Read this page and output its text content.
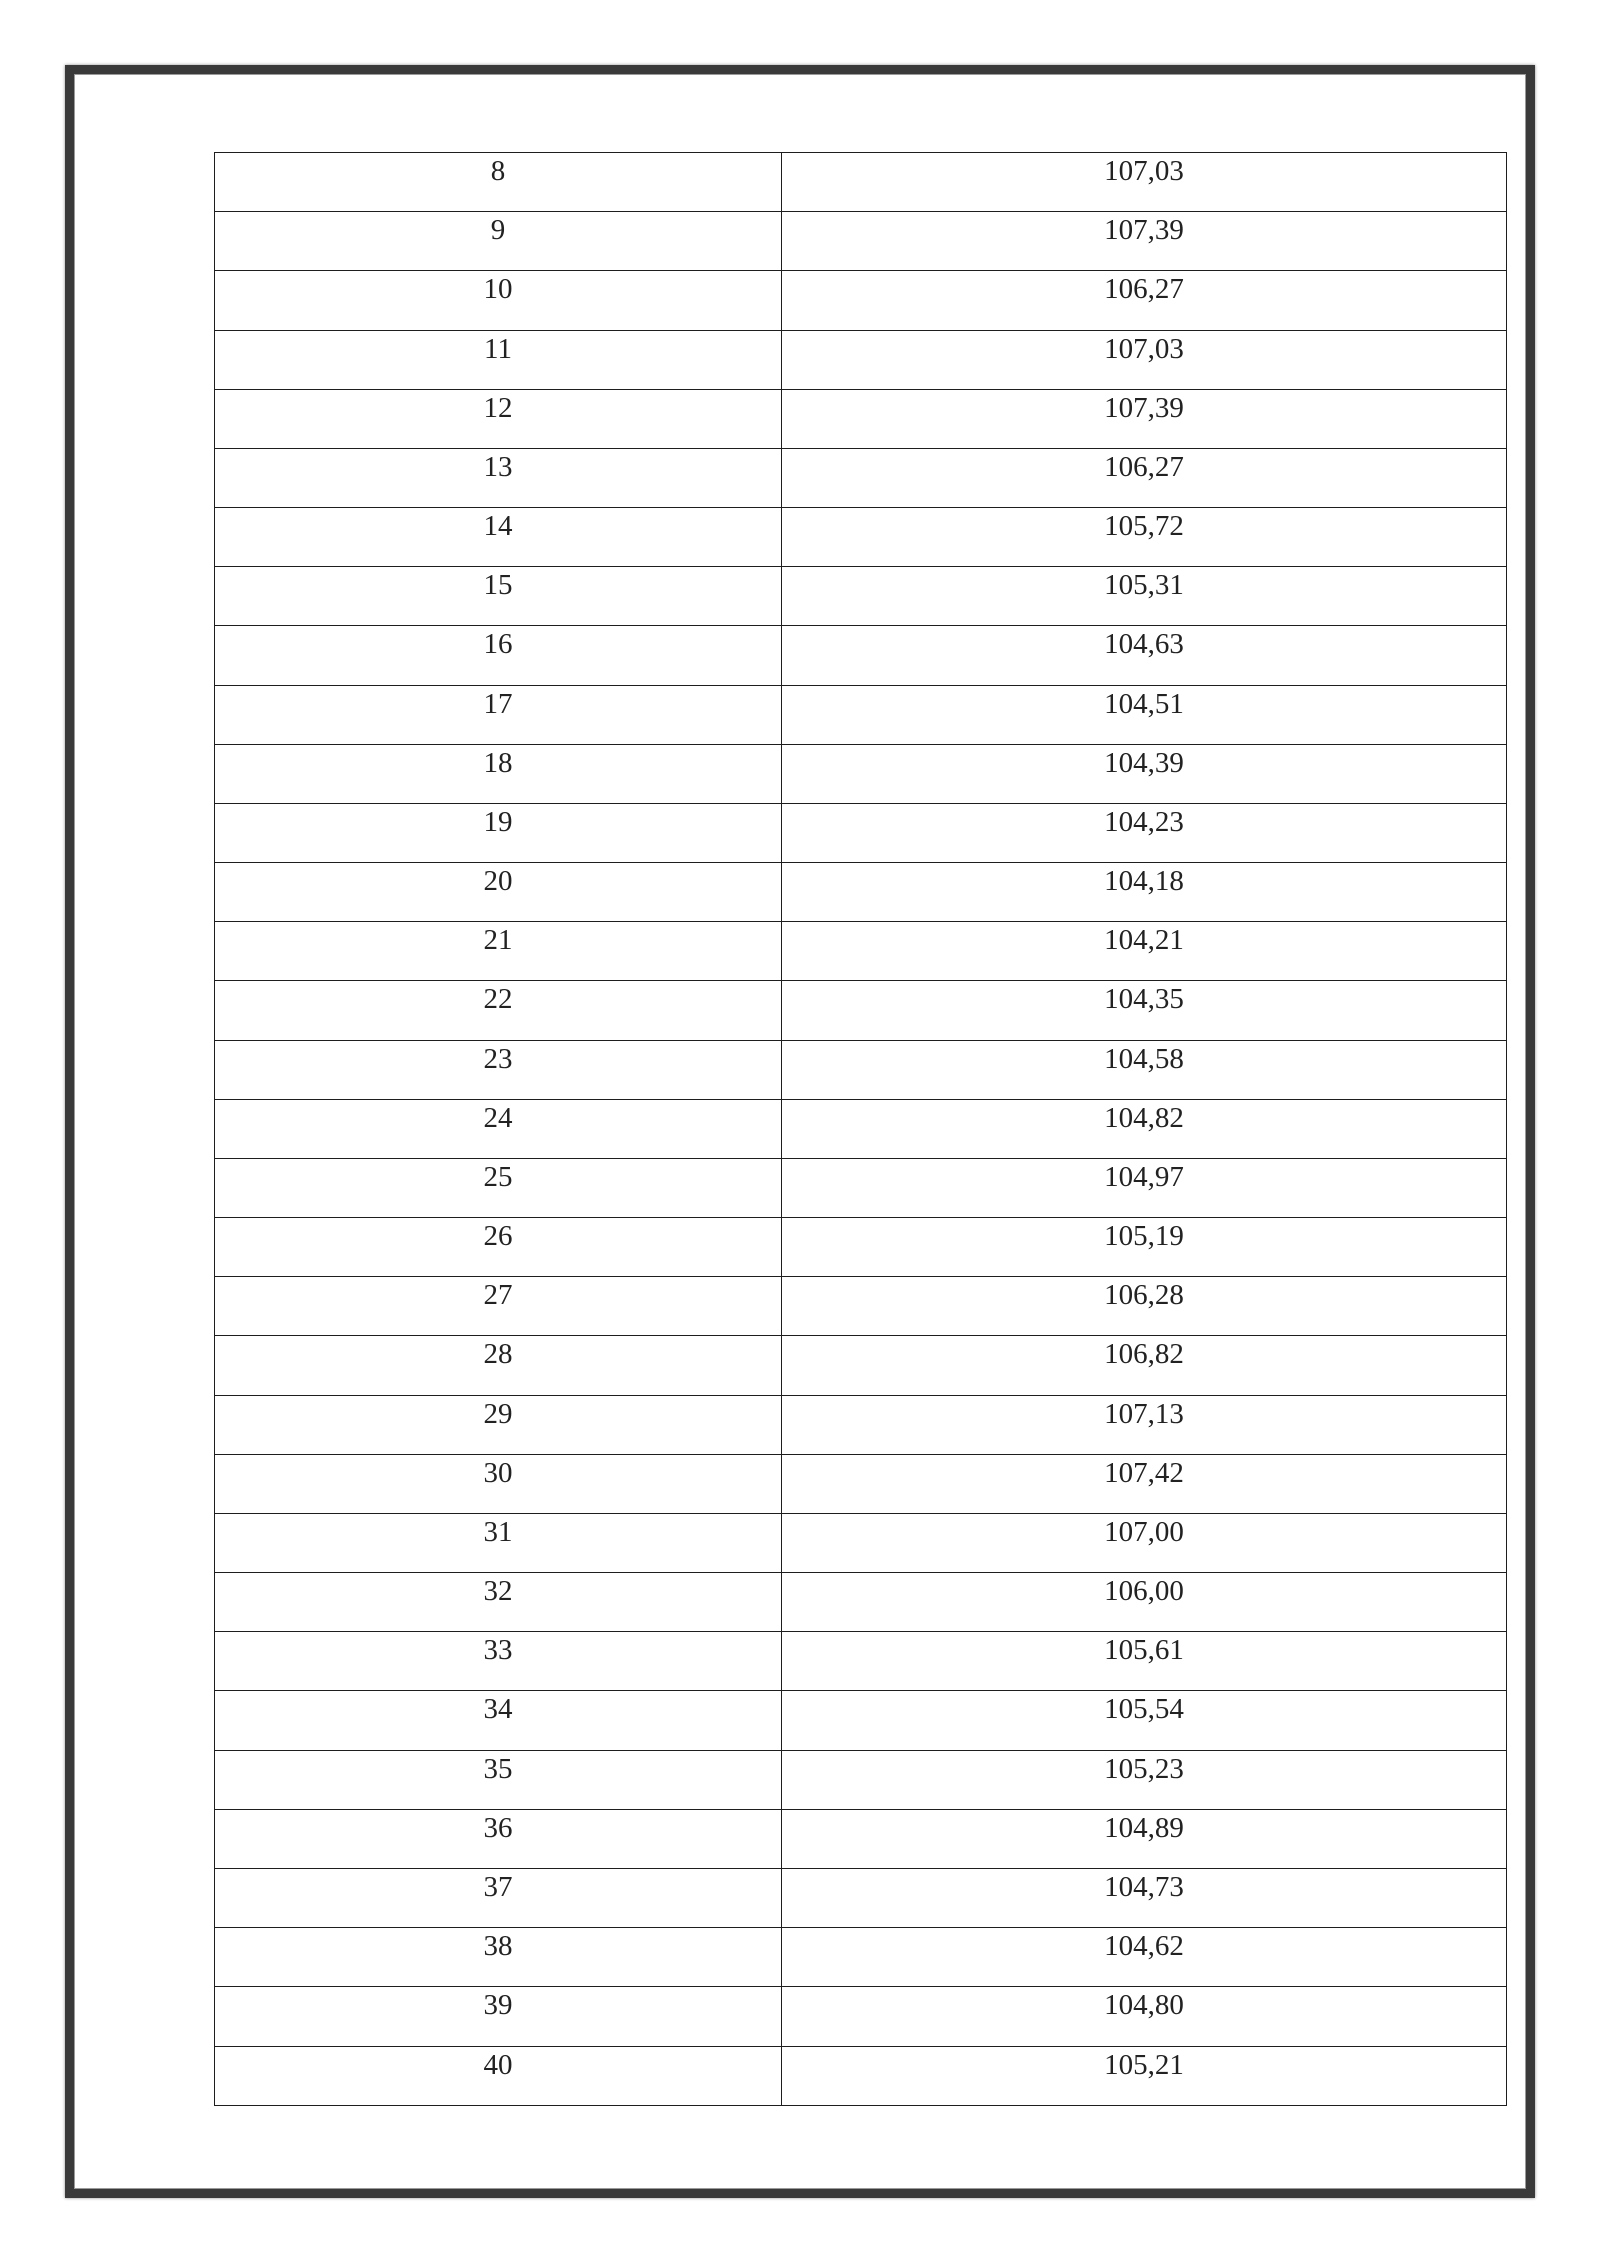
8	107,03
9	107,39
10	106,27
11	107,03
12	107,39
13	106,27
14	105,72
15	105,31
16	104,63
17	104,51
18	104,39
19	104,23
20	104,18
21	104,21
22	104,35
23	104,58
24	104,82
25	104,97
26	105,19
27	106,28
28	106,82
29	107,13
30	107,42
31	107,00
32	106,00
33	105,61
34	105,54
35	105,23
36	104,89
37	104,73
38	104,62
39	104,80
40	105,21
